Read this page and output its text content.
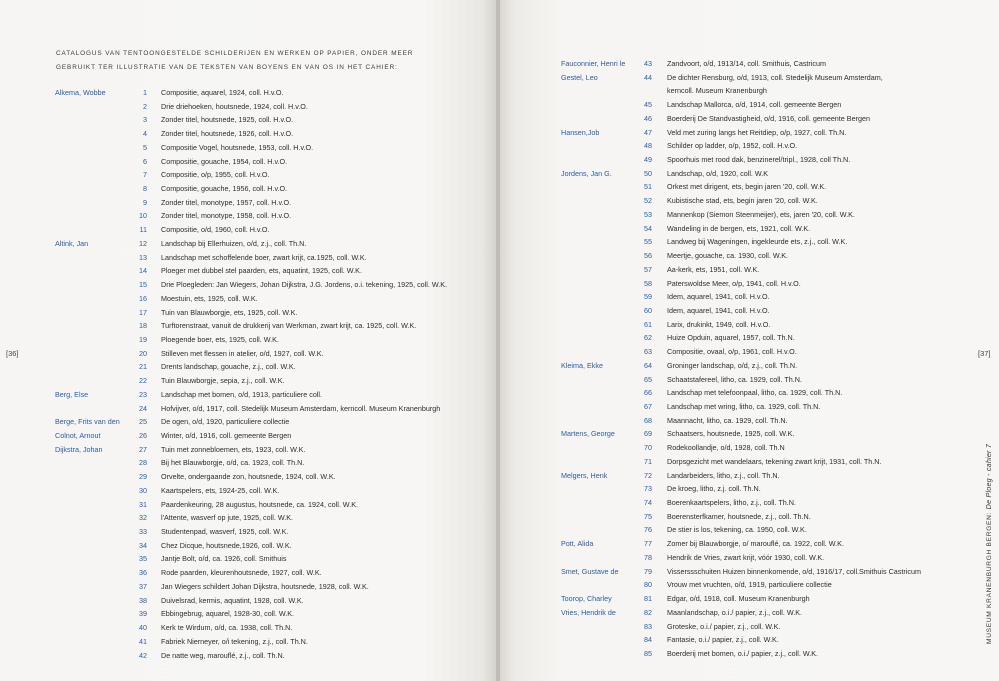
CATALOGUS VAN TENTOONGESTELDE SCHILDERIJEN EN WERKEN OP PAPIER, ONDER MEER
GEBRUIKT TER ILLUSTRATIE VAN DE TEKSTEN VAN BOYENS EN VAN OS IN HET CAHIER:
Alkema, Wobbe	1 Compositie, aquarel, 1924, coll. H.v.O.
2 Drie driehoeken, houtsnede, 1924, coll. H.v.O.
3 Zonder titel, houtsnede, 1925, coll. H.v.O.
4 Zonder titel, houtsnede, 1926, coll. H.v.O.
5 Compositie Vogel, houtsnede, 1953, coll. H.v.O.
6 Compositie, gouache, 1954, coll. H.v.O.
7 Compositie, o/p, 1955, coll. H.v.O.
8 Compositie, gouache, 1956, coll. H.v.O.
9 Zonder titel, monotype, 1957, coll. H.v.O.
10 Zonder titel, monotype, 1958, coll. H.v.O.
11 Compositie, o/d, 1960, coll. H.v.O.
Altink, Jan	12 Landschap bij Ellerhuizen, o/d, z.j., coll. Th.N.
13 Landschap met schoffelende boer, zwart krijt, ca.1925, coll. W.K.
14 Ploeger met dubbel stel paarden, ets, aquatint, 1925, coll. W.K.
15 Drie Ploegleden: Jan Wiegers, Johan Dijkstra, J.G. Jordens, o.i. tekening, 1925, coll. W.K.
16 Moestuin, ets, 1925, coll. W.K.
17 Tuin van Blauwborgje, ets, 1925, coll. W.K.
18 Turftorenstraat, vanuit de drukkerij van Werkman, zwart krijt, ca. 1925, coll. W.K.
19 Ploegende boer, ets, 1925, coll. W.K.
20 Stilleven met flessen in atelier, o/d, 1927, coll. W.K.
21 Drents landschap, gouache, z.j., coll. W.K.
22 Tuin Blauwborgje, sepia, z.j., coll. W.K.
Berg, Else	23 Landschap met bomen, o/d, 1913, particuliere coll.
24 Hofvijver, o/d, 1917, coll. Stedelijk Museum Amsterdam, kerncoll. Museum Kranenburgh
Berge, Frits van den	25 De ogen, o/d, 1920, particuliere collectie
Colnot, Arnout	26 Winter, o/d, 1916, coll. gemeente Bergen
Dijkstra, Johan	27 Tuin met zonnebloemen, ets, 1923, coll. W.K.
28 Bij het Blauwborgje, o/d, ca. 1923, coll. Th.N.
29 Orvelte, ondergaande zon, houtsnede, 1924, coll. W.K.
30 Kaartspelers, ets, 1924-25, coll. W.K.
31 Paardenkeuring, 28 augustus, houtsnede, ca. 1924, coll. W.K.
32 l'Attente, wasverf op jute, 1925, coll. W.K.
33 Studentenpad, wasverf, 1925, coll. W.K.
34 Chez Dicque, houtsnede,1926, coll. W.K.
35 Jantje Bolt, o/d, ca. 1926, coll. Smithuis
36 Rode paarden, kleurenhoutsnede, 1927, coll. W.K.
37 Jan Wiegers schildert Johan Dijkstra, houtsnede, 1928, coll. W.K.
38 Duivelsrad, kermis, aquatint, 1928, coll. W.K.
39 Ebbingebrug, aquarel, 1928-30, coll. W.K.
40 Kerk te Wirdum, o/d, ca. 1938, coll. Th.N.
41 Fabriek Nierneyer, o/i tekening, z.j., coll. Th.N.
42 De natte weg, marouflé, z.j., coll. Th.N.
Fauconnier, Henri le	43 Zandvoort, o/d, 1913/14, coll. Smithuis, Castricum
Gestel, Leo	44 De dichter Rensburg, o/d, 1913, coll. Stedelijk Museum Amsterdam,
kerncoll. Museum Kranenburgh
45 Landschap Mallorca, o/d, 1914, coll. gemeente Bergen
46 Boerderij De Standvastigheid, o/d, 1916, coll. gemeente Bergen
Hansen,Job	47 Veld met zuring langs het Reitdiep, o/p, 1927, coll. Th.N.
48 Schilder op ladder, o/p, 1952, coll. H.v.O.
49 Spoorhuis met rood dak, benzinerel/tripl., 1928, coll Th.N.
Jordens, Jan G.	50 Landschap, o/d, 1920, coll. W.K
51 Orkest met dirigent, ets, begin jaren '20, coll. W.K.
52 Kubistische stad, ets, begin jaren '20, coll. W.K.
53 Mannenkop (Siemon Steenmeijer), ets, jaren '20, coll. W.K.
54 Wandeling in de bergen, ets, 1921, coll. W.K.
55 Landweg bij Wageningen, ingekleurde ets, z.j., coll. W.K.
56 Meertje, gouache, ca. 1930, coll. W.K.
57 Aa-kerk, ets, 1951, coll. W.K.
58 Paterswoldse Meer, o/p, 1941, coll. H.v.O.
59 Idem, aquarel, 1941, coll. H.v.O.
60 Idem, aquarel, 1941, coll. H.v.O.
61 Larix, drukinkt, 1949, coll. H.v.O.
62 Huize Opduin, aquarel, 1957, coll. Th.N.
63 Compositie, ovaal, o/p, 1961, coll. H.v.O.
Kleima, Ekke	64 Groninger landschap, o/d, z.j., coll. Th.N.
65 Schaatstafereel, litho, ca. 1929, coll. Th.N.
66 Landschap met telefoonpaal, litho, ca. 1929, coll. Th.N.
67 Landschap met wring, litho, ca. 1929, coll. Th.N.
68 Maannacht, litho, ca. 1929, coll. Th.N.
Martens, George	69 Schaatsers, houtsnede, 1925, coll. W.K.
70 Rodekoollandje, o/d, 1928, coll. Th.N
71 Dorpsgezicht met wandelaars, tekening zwart krijt, 1931, coll. Th.N.
Melgers, Henk	72 Landarbeiders, litho, z.j., coll. Th.N.
73 De kroeg, litho, z.j. coll. Th.N.
74 Boerenkaartspelers, litho, z.j., coll. Th.N.
75 Boerensterfkamer, houtsnede, z.j., coll. Th.N.
76 De stier is los, tekening, ca. 1950, coll. W.K.
Pott, Alida	77 Zomer bij Blauwborgje, o/ marouflé, ca. 1922, coll. W.K.
78 Hendrik de Vries, zwart krijt, vóór 1930, coll. W.K.
Smet, Gustave de	79 Visserssschuiten Huizen binnenkomende, o/d, 1916/17, coll.Smithuis Castricum
80 Vrouw met vruchten, o/d, 1919, particuliere collectie
Toorop, Charley	81 Edgar, o/d, 1918, coll. Museum Kranenburgh
Vries, Hendrik de	82 Maanlandschap, o.i./ papier, z.j., coll. W.K.
83 Groteske, o.i./ papier, z.j., coll. W.K.
84 Fantasie, o.i./ papier, z.j., coll. W.K.
85 Boerderij met bomen, o.i./ papier, z.j., coll. W.K.
[36]	[37]
MUSEUM KRANENBURGH BERGEN: De Ploeg - cahier 7
